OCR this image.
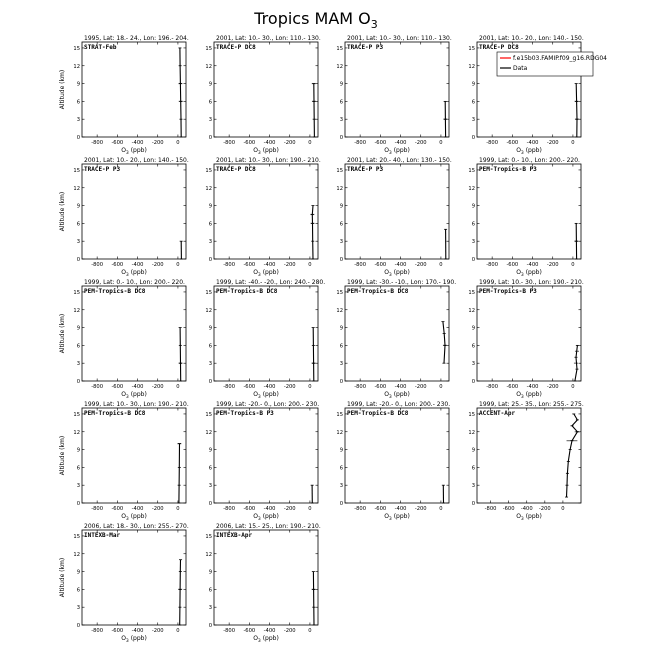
Tropics MAM $O_3$
1995, Lat: 18.- 24., Lon: 196.- 204.
STRAT-Feb
-800 -600 -400 -200 0
0
3
6
9
12
15
$O_3$ (ppb)
Altitude (km)
2001, Lat: 10.- 30., Lon: 110.- 130.
TRACE-P DC8
-800 -600 -400 -200 0
0
3
6
9
12
15
$O_3$ (ppb)
2001, Lat: 10.- 30., Lon: 110.- 130.
TRACE-P P3
-800 -600 -400 -200 0
0
3
6
9
12
15
$O_3$ (ppb)
2001, Lat: 10.- 20., Lon: 140.- 150.
TRACE-P DC8
-800 -600 -400 -200 0
0
3
6
9
12
15
$O_3$ (ppb)
f.e15b03.FAMIP.f09_g16.RDG04
Data
2001, Lat: 10.- 20., Lon: 140.- 150.
TRACE-P P3
-800 -600 -400 -200 0
0
3
6
9
12
15
$O_3$ (ppb)
Altitude (km)
2001, Lat: 10.- 30., Lon: 190.- 210.
TRACE-P DC8
-800 -600 -400 -200 0
0
3
6
9
12
15
$O_3$ (ppb)
2001, Lat: 20.- 40., Lon: 130.- 150.
TRACE-P P3
-800 -600 -400 -200 0
0
3
6
9
12
15
$O_3$ (ppb)
1999, Lat: 0.- 10., Lon: 200.- 220.
PEM-Tropics-B P3
-800 -600 -400 -200 0
0
3
6
9
12
15
$O_3$ (ppb)
1999, Lat: 0.- 10., Lon: 200.- 220.
PEM-Tropics-B DC8
-800 -600 -400 -200 0
0
3
6
9
12
15
$O_3$ (ppb)
Altitude (km)
1999, Lat: -40.- -20., Lon: 240.- 280.
PEM-Tropics-B DC8
-800 -600 -400 -200 0
0
3
6
9
12
15
$O_3$ (ppb)
1999, Lat: -30.- -10., Lon: 170.- 190.
PEM-Tropics-B DC8
-800 -600 -400 -200 0
0
3
6
9
12
15
$O_3$ (ppb)
1999, Lat: 10.- 30., Lon: 190.- 210.
PEM-Tropics-B P3
-800 -600 -400 -200 0
0
3
6
9
12
15
$O_3$ (ppb)
1999, Lat: 10.- 30., Lon: 190.- 210.
PEM-Tropics-B DC8
-800 -600 -400 -200 0
0
3
6
9
12
15
$O_3$ (ppb)
Altitude (km)
1999, Lat: -20.- 0., Lon: 200.- 230.
PEM-Tropics-B P3
-800 -600 -400 -200 0
0
3
6
9
12
15
$O_3$ (ppb)
1999, Lat: -20.- 0., Lon: 200.- 230.
PEM-Tropics-B DC8
-800 -600 -400 -200 0
0
3
6
9
12
15
$O_3$ (ppb)
1999, Lat: 25.- 35., Lon: 255.- 275.
ACCENT-Apr
-800 -600 -400 -200 0
0
3
6
9
12
15
$O_3$ (ppb)
2006, Lat: 18.- 30., Lon: 255.- 270.
INTEXB-Mar
-800 -600 -400 -200 0
0
3
6
9
12
15
$O_3$ (ppb)
Altitude (km)
2006, Lat: 15.- 25., Lon: 190.- 210.
INTEXB-Apr
-800 -600 -400 -200 0
0
3
6
9
12
15
$O_3$ (ppb)
